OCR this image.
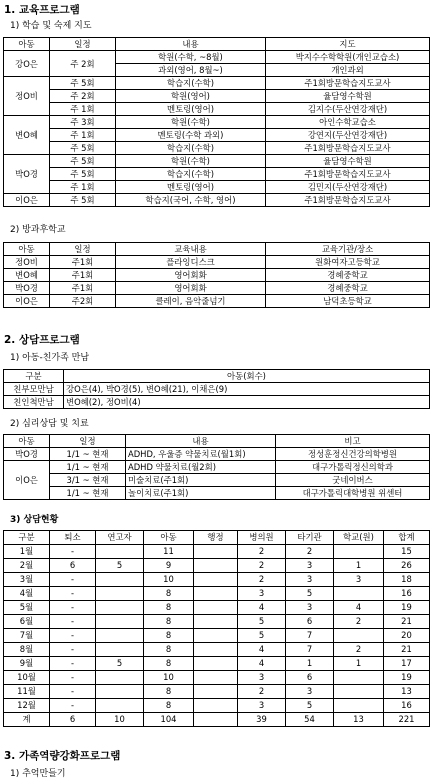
1. 교육프로그램

1) 학습 및 숙제 지도

아동	일정	내용	지도
강O은	주 2회	학원(수학, ~8월)	박지수수학학원(개인교습소)
		과외(영어, 8월~)	개인과외
정O비	주 5회	학습지(수학)	주1회방문학습지도교사
	주 2회	학원(영어)	율담영수학원
	주 1회	멘토링(영어)	김지수(두산연강재단)
변O혜	주 3회	학원(수학)	아인수학교습소
	주 1회	멘토링(수학 과외)	강연지(두산연강재단)
	주 5회	학습지(수학)	주1회방문학습지도교사
박O경	주 5회	학원(수학)	율담영수학원
	주 5회	학습지(수학)	주1회방문학습지도교사
	주 1회	멘토링(영어)	김민지(두산연강재단)
이O은	주 5회	학습지(국어, 수학, 영어)	주1회방문학습지도교사

2) 방과후학교

아동	일정	교육내용	교육기관/장소
정O비	주1회	플라잉디스크	원화여자고등학교
변O혜	주1회	영어회화	경혜중학교
박O경	주1회	영어회화	경혜중학교
이O은	주2회	클레이, 음악줄넘기	남덕초등학교
2. 상담프로그램

1) 아동-친가족 만남

구분	아동(회수)
친부모만남	강O은(4), 박O경(5), 변O혜(21), 이채은(9)
친인척만남	변O혜(2), 정O비(4)

2) 심리상담 및 치료

아동	일정	내용	비고
박O경	1/1 ~ 현재	ADHD, 우울증 약물치료(월1회)	정성훈정신건강의학병원
이O은	1/1 ~ 현재	ADHD 약물치료(월2회)	대구가톨릭정신의학과
	3/1 ~ 현재	미술치료(주1회)	굿네이버스
	1/1 ~ 현재	놀이치료(주1회)	대구가톨릭대학병원 위센터

3) 상담현황

구분	퇴소	연고자	아동	행정	병의원	타기관	학교(원)	합계
1월	-		11		2	2		15
2월	6	5	9		2	3	1	26
3월	-		10		2	3	3	18
4월	-		8		3	5		16
5월	-		8		4	3	4	19
6월	-		8		5	6	2	21
7월	-		8		5	7		20
8월	-		8		4	7	2	21
9월	-	5	8		4	1	1	17
10월	-		10		3	6		19
11월	-		8		2	3		13
12월	-		8		3	5		16
계	6	10	104		39	54	13	221
3. 가족역량강화프로그램

1) 추억만들기
